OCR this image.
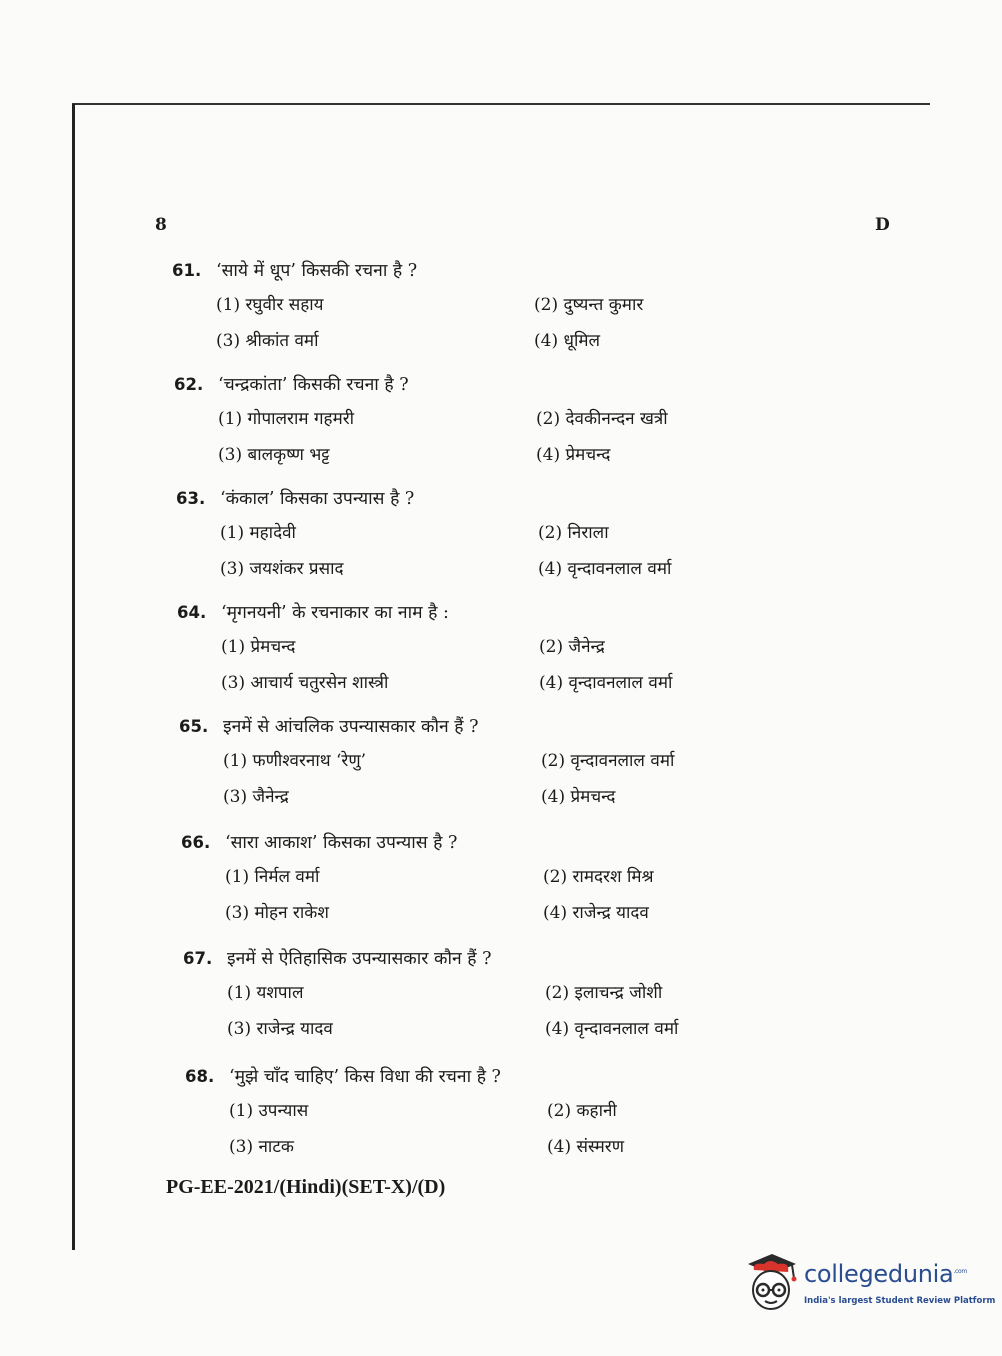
8	D
61. ‘साये में धूप’ किसकी रचना है ?
(1) रघुवीर सहाय	(2) दुष्यन्त कुमार
(3) श्रीकांत वर्मा	(4) धूमिल
62. ‘चन्द्रकांता’ किसकी रचना है ?
(1) गोपालराम गहमरी	(2) देवकीनन्दन खत्री
(3) बालकृष्ण भट्ट	(4) प्रेमचन्द
63. ‘कंकाल’ किसका उपन्यास है ?
(1) महादेवी	(2) निराला
(3) जयशंकर प्रसाद	(4) वृन्दावनलाल वर्मा
64. ‘मृगनयनी’ के रचनाकार का नाम है :
(1) प्रेमचन्द	(2) जैनेन्द्र
(3) आचार्य चतुरसेन शास्त्री	(4) वृन्दावनलाल वर्मा
65. इनमें से आंचलिक उपन्यासकार कौन हैं ?
(1) फणीश्वरनाथ ‘रेणु’	(2) वृन्दावनलाल वर्मा
(3) जैनेन्द्र	(4) प्रेमचन्द
66. ‘सारा आकाश’ किसका उपन्यास है ?
(1) निर्मल वर्मा	(2) रामदरश मिश्र
(3) मोहन राकेश	(4) राजेन्द्र यादव
67. इनमें से ऐतिहासिक उपन्यासकार कौन हैं ?
(1) यशपाल	(2) इलाचन्द्र जोशी
(3) राजेन्द्र यादव	(4) वृन्दावनलाल वर्मा
68. ‘मुझे चाँद चाहिए’ किस विधा की रचना है ?
(1) उपन्यास	(2) कहानी
(3) नाटक	(4) संस्मरण
PG-EE-2021/(Hindi)(SET-X)/(D)
collegedunia$^{.com}$
India's largest Student Review Platform
